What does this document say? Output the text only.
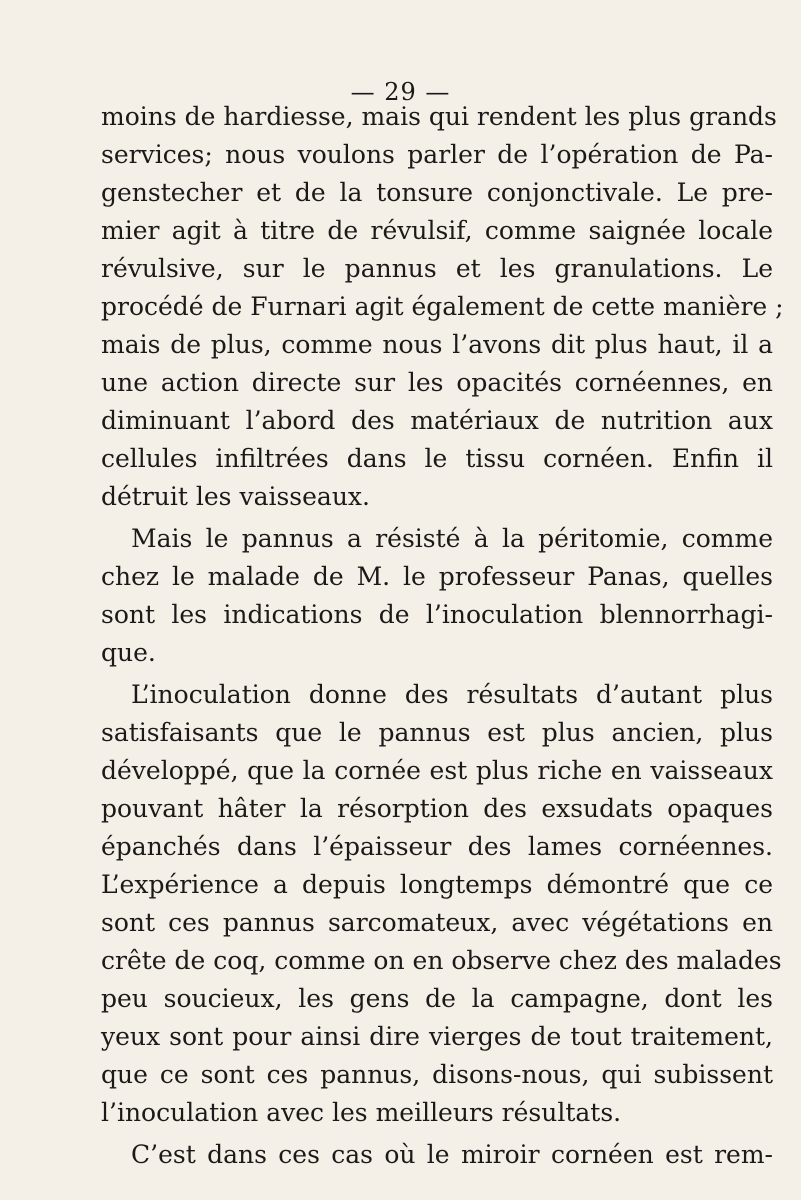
— 29 —
moins de hardiesse, mais qui rendent les plus grands
services; nous voulons parler de l’opération de Pa-
genstecher et de la tonsure conjonctivale. Le pre-
mier agit à titre de révulsif, comme saignée locale
révulsive, sur le pannus et les granulations. Le
procédé de Furnari agit également de cette manière ;
mais de plus, comme nous l’avons dit plus haut, il a
une action directe sur les opacités cornéennes, en
diminuant l’abord des matériaux de nutrition aux
cellules infiltrées dans le tissu cornéen. Enfin il
détruit les vaisseaux.
Mais le pannus a résisté à la péritomie, comme
chez le malade de M. le professeur Panas, quelles
sont les indications de l’inoculation blennorrhagi-
que.
L’inoculation donne des résultats d’autant plus
satisfaisants que le pannus est plus ancien, plus
développé, que la cornée est plus riche en vaisseaux
pouvant hâter la résorption des exsudats opaques
épanchés dans l’épaisseur des lames cornéennes.
L’expérience a depuis longtemps démontré que ce
sont ces pannus sarcomateux, avec végétations en
crête de coq, comme on en observe chez des malades
peu soucieux, les gens de la campagne, dont les
yeux sont pour ainsi dire vierges de tout traitement,
que ce sont ces pannus, disons-nous, qui subissent
l’inoculation avec les meilleurs résultats.
C’est dans ces cas où le miroir cornéen est rem-
